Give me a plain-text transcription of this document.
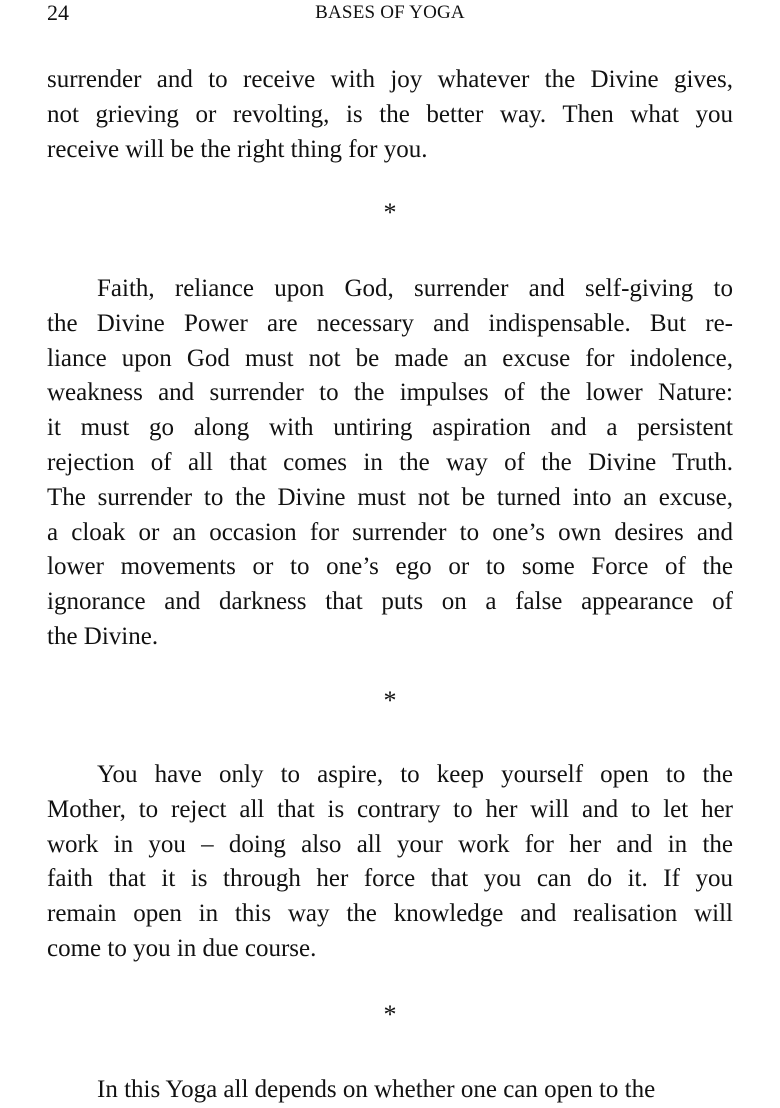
24	BASES OF YOGA
surrender and to receive with joy whatever the Divine gives,
not grieving or revolting, is the better way. Then what you
receive will be the right thing for you.
*
Faith, reliance upon God, surrender and self-giving to
the Divine Power are necessary and indispensable. But re-
liance upon God must not be made an excuse for indolence,
weakness and surrender to the impulses of the lower Nature:
it must go along with untiring aspiration and a persistent
rejection of all that comes in the way of the Divine Truth.
The surrender to the Divine must not be turned into an excuse,
a cloak or an occasion for surrender to one’s own desires and
lower movements or to one’s ego or to some Force of the
ignorance and darkness that puts on a false appearance of
the Divine.
*
You have only to aspire, to keep yourself open to the
Mother, to reject all that is contrary to her will and to let her
work in you – doing also all your work for her and in the
faith that it is through her force that you can do it. If you
remain open in this way the knowledge and realisation will
come to you in due course.
*
In this Yoga all depends on whether one can open to the
